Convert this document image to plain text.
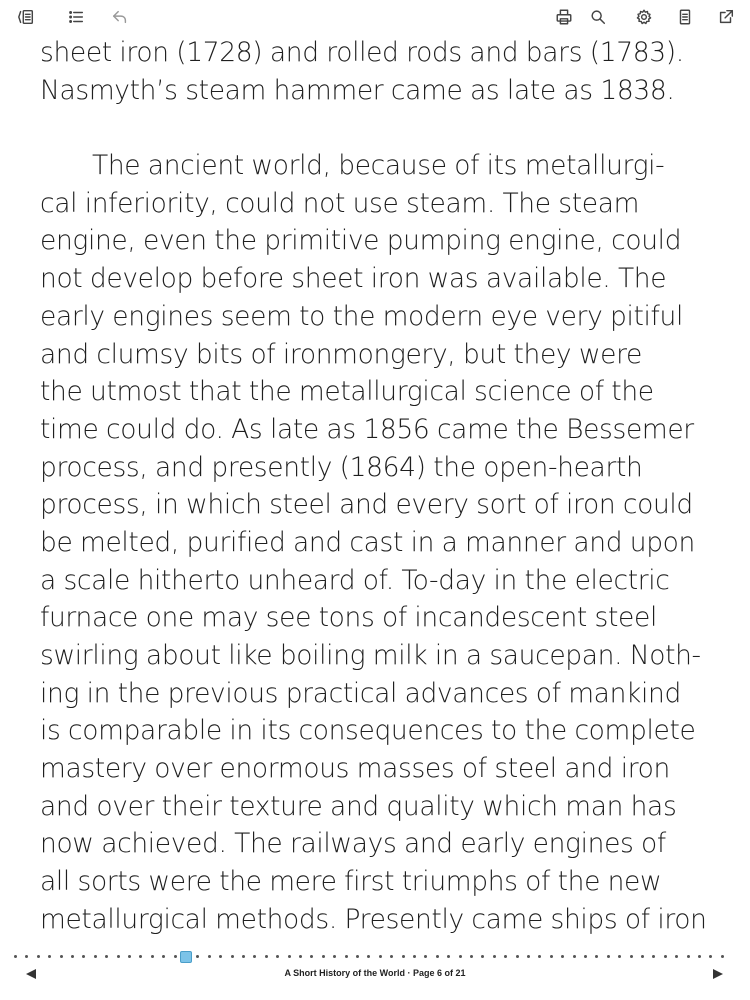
sheet iron (1728) and rolled rods and bars (1783).
Nasmyth’s steam hammer came as late as 1838.
The ancient world, because of its metallurgi-
cal inferiority, could not use steam. The steam
engine, even the primitive pumping engine, could
not develop before sheet iron was available. The
early engines seem to the modern eye very pitiful
and clumsy bits of ironmongery, but they were
the utmost that the metallurgical science of the
time could do. As late as 1856 came the Bessemer
process, and presently (1864) the open-hearth
process, in which steel and every sort of iron could
be melted, purified and cast in a manner and upon
a scale hitherto unheard of. To-day in the electric
furnace one may see tons of incandescent steel
swirling about like boiling milk in a saucepan. Noth-
ing in the previous practical advances of mankind
is comparable in its consequences to the complete
mastery over enormous masses of steel and iron
and over their texture and quality which man has
now achieved. The railways and early engines of
all sorts were the mere first triumphs of the new
metallurgical methods. Presently came ships of iron
A Short History of the World · Page 6 of 21
